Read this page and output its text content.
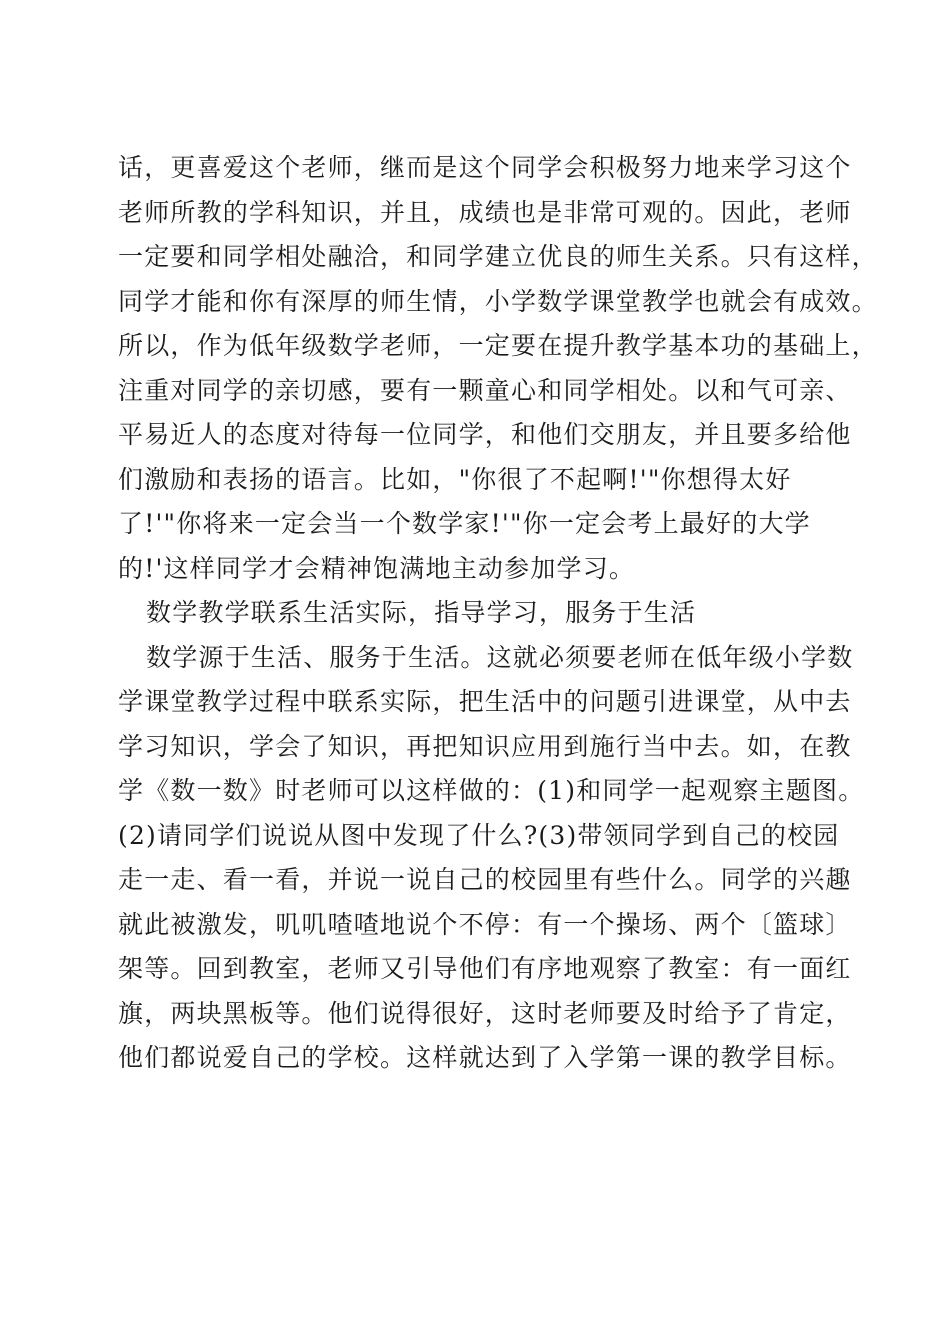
话，更喜爱这个老师，继而是这个同学会积极努力地来学习这个
老师所教的学科知识，并且，成绩也是非常可观的。因此，老师
一定要和同学相处融洽，和同学建立优良的师生关系。只有这样，
同学才能和你有深厚的师生情，小学数学课堂教学也就会有成效。
所以，作为低年级数学老师，一定要在提升教学基本功的基础上，
注重对同学的亲切感，要有一颗童心和同学相处。以和气可亲、
平易近人的态度对待每一位同学，和他们交朋友，并且要多给他
们激励和表扬的语言。比如，"你很了不起啊!'"你想得太好
了!'"你将来一定会当一个数学家!'"你一定会考上最好的大学
的!'这样同学才会精神饱满地主动参加学习。
数学教学联系生活实际，指导学习，服务于生活
数学源于生活、服务于生活。这就必须要老师在低年级小学数
学课堂教学过程中联系实际，把生活中的问题引进课堂，从中去
学习知识，学会了知识，再把知识应用到施行当中去。如，在教
学《数一数》时老师可以这样做的：(1)和同学一起观察主题图。
(2)请同学们说说从图中发现了什么?(3)带领同学到自己的校园
走一走、看一看，并说一说自己的校园里有些什么。同学的兴趣
就此被激发，叽叽喳喳地说个不停：有一个操场、两个〔篮球〕
架等。回到教室，老师又引导他们有序地观察了教室：有一面红
旗，两块黑板等。他们说得很好，这时老师要及时给予了肯定，
他们都说爱自己的学校。这样就达到了入学第一课的教学目标。
